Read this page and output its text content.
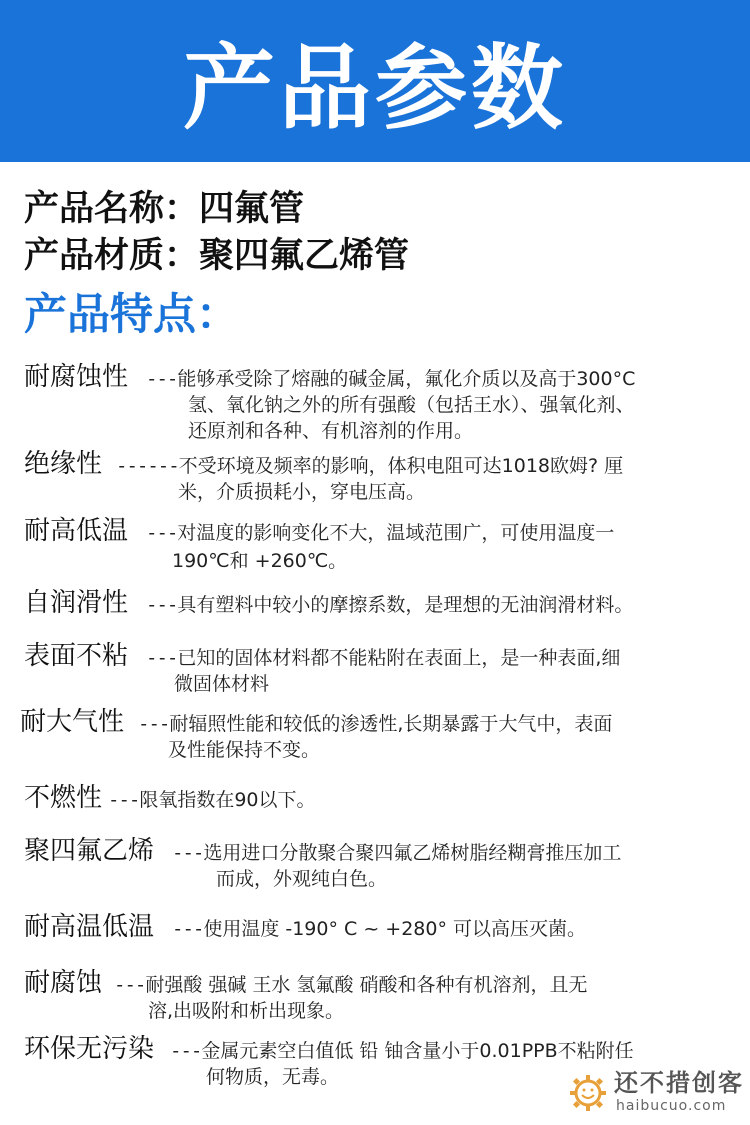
产品参数
产品名称：四氟管
产品材质：聚四氟乙烯管
产品特点：
耐腐蚀性 ---能够承受除了熔融的碱金属，氟化介质以及高于300°C
氢、氧化钠之外的所有强酸（包括王水）、强氧化剂、
还原剂和各种、有机溶剂的作用。
绝缘性 ------不受环境及频率的影响，体积电阻可达1018欧姆? 厘
米，介质损耗小，穿电压高。
耐高低温 ---对温度的影响变化不大，温域范围广，可使用温度一
190℃和 +260℃。
自润滑性 ---具有塑料中较小的摩擦系数，是理想的无油润滑材料。
表面不粘 ---已知的固体材料都不能粘附在表面上，是一种表面,细
微固体材料
耐大气性 ---耐辐照性能和较低的渗透性,长期暴露于大气中，表面
及性能保持不变。
不燃性 ---限氧指数在90以下。
聚四氟乙烯 ---选用进口分散聚合聚四氟乙烯树脂经糊膏推压加工
而成，外观纯白色。
耐高温低温 ---使用温度 -190° C ~ +280° 可以高压灭菌。
耐腐蚀 ---耐强酸 强碱 王水 氢氟酸 硝酸和各种有机溶剂，且无
溶,出吸附和析出现象。
环保无污染 ---金属元素空白值低 铅 铀含量小于0.01PPB不粘附任
何物质，无毒。	还不措创客
haibucuo.com
